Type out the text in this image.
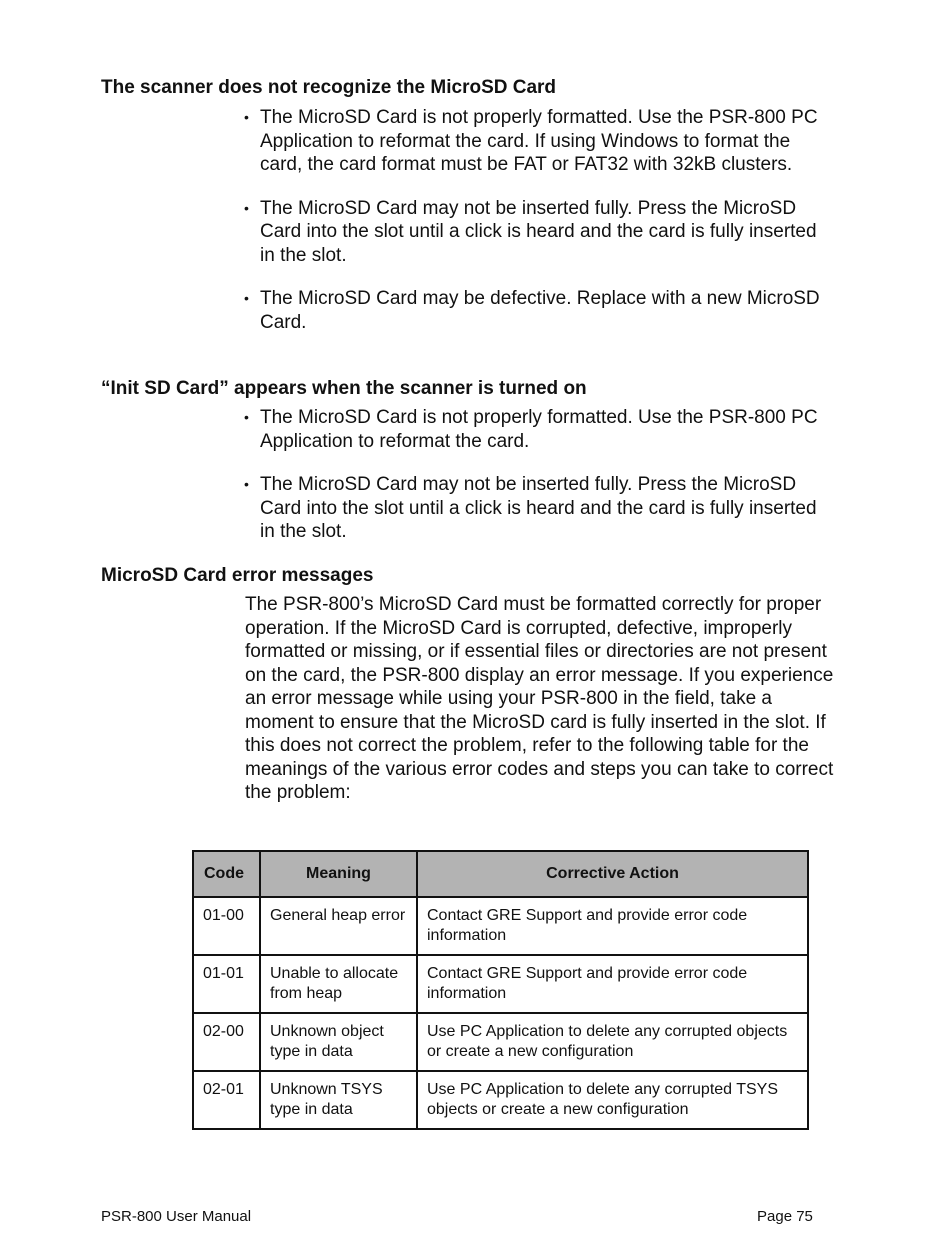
The scanner does not recognize the MicroSD Card
• The MicroSD Card is not properly formatted. Use the PSR-800 PC Application to reformat the card. If using Windows to format the card, the card format must be FAT or FAT32 with 32kB clusters.
• The MicroSD Card may not be inserted fully. Press the MicroSD Card into the slot until a click is heard and the card is fully inserted in the slot.
• The MicroSD Card may be defective. Replace with a new MicroSD Card.
“Init SD Card” appears when the scanner is turned on
• The MicroSD Card is not properly formatted. Use the PSR-800 PC Application to reformat the card.
• The MicroSD Card may not be inserted fully. Press the MicroSD Card into the slot until a click is heard and the card is fully inserted in the slot.
MicroSD Card error messages

The PSR-800’s MicroSD Card must be formatted correctly for proper operation. If the MicroSD Card is corrupted, defective, improperly formatted or missing, or if essential files or directories are not present on the card, the PSR-800 display an error message. If you experience an error message while using your PSR-800 in the field, take a moment to ensure that the MicroSD card is fully inserted in the slot. If this does not correct the problem, refer to the following table for the meanings of the various error codes and steps you can take to correct the problem:

Code	Meaning	Corrective Action
01-00	General heap error	Contact GRE Support and provide error code information
01-01	Unable to allocate from heap	Contact GRE Support and provide error code information
02-00	Unknown object type in data	Use PC Application to delete any corrupted objects or create a new configuration
02-01	Unknown TSYS type in data	Use PC Application to delete any corrupted TSYS objects or create a new configuration

PSR-800 User Manual	Page 75
